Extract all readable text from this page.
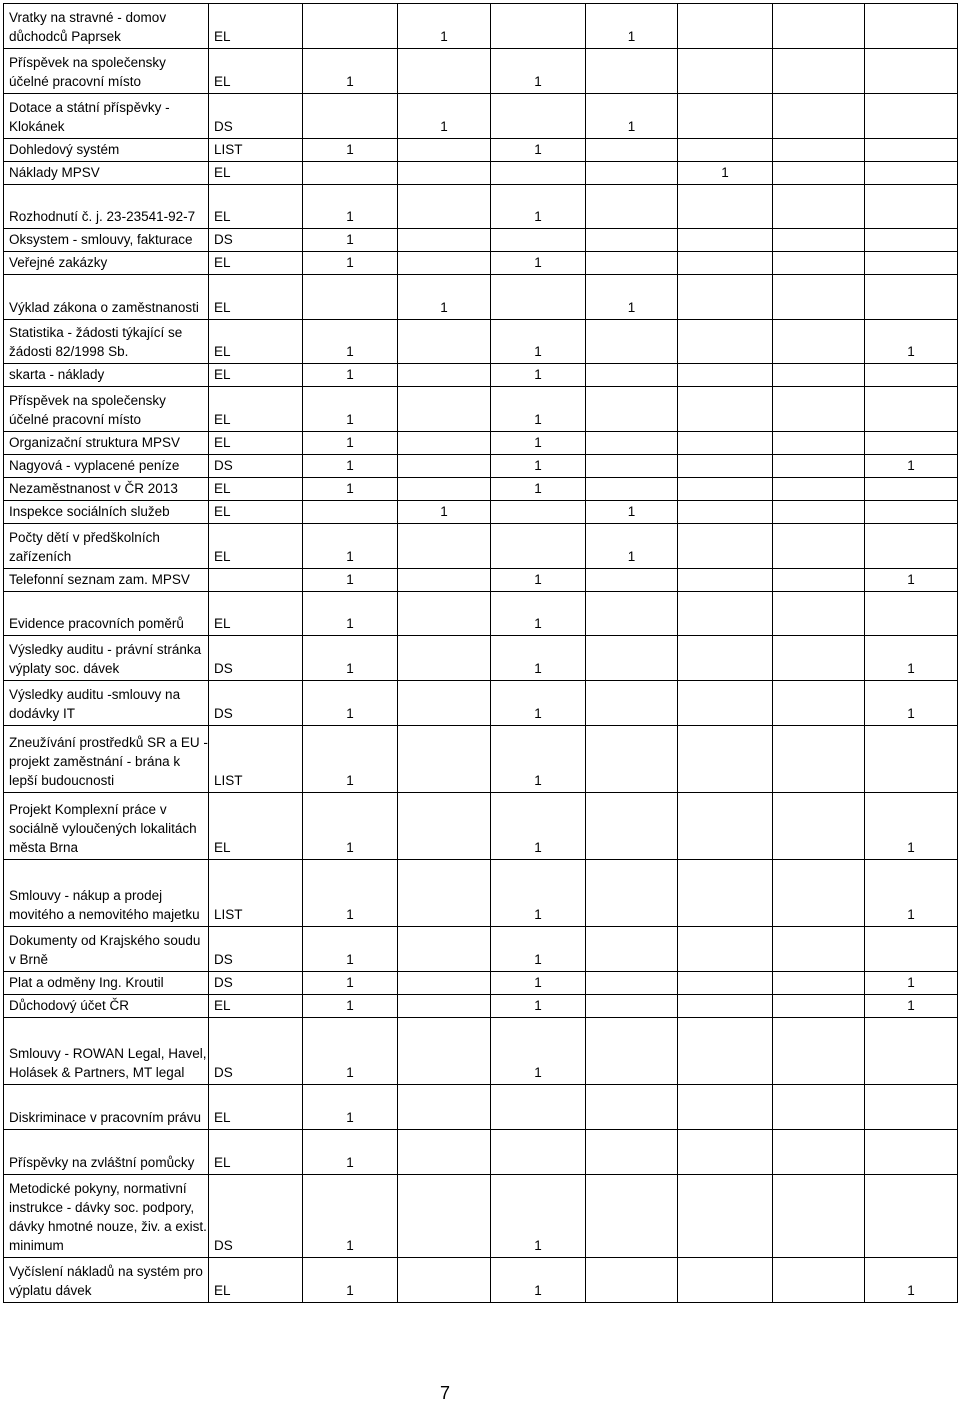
Vratky na stravné - domov důchodců Paprsek	EL		1		1			
Příspěvek na společensky účelné pracovní místo	EL	1		1				
Dotace a státní příspěvky - Klokánek	DS		1		1			
Dohledový systém	LIST	1		1				
Náklady MPSV	EL					1		
Rozhodnutí č. j. 23-23541-92-7	EL	1		1				
Oksystem - smlouvy, fakturace	DS	1						
Veřejné zakázky	EL	1		1				
Výklad zákona o zaměstnanosti	EL		1		1			
Statistika - žádosti týkající se žádosti 82/1998 Sb.	EL	1		1				1
skarta - náklady	EL	1		1				
Příspěvek na společensky účelné pracovní místo	EL	1		1				
Organizační struktura MPSV	EL	1		1				
Nagyová - vyplacené peníze	DS	1		1				1
Nezaměstnanost v ČR 2013	EL	1		1				
Inspekce sociálních služeb	EL		1		1			
Počty dětí v předškolních zařízeních	EL	1			1			
Telefonní seznam zam. MPSV		1		1				1
Evidence pracovních poměrů	EL	1		1				
Výsledky auditu - právní stránka výplaty soc. dávek	DS	1		1				1
Výsledky auditu -smlouvy na dodávky IT	DS	1		1				1
Zneužívání prostředků SR a EU - projekt zaměstnání - brána k lepší budoucnosti	LIST	1		1				
Projekt Komplexní práce v sociálně vyloučených lokalitách města Brna	EL	1		1				1
Smlouvy - nákup a prodej movitého a nemovitého majetku	LIST	1		1				1
Dokumenty od Krajského soudu v Brně	DS	1		1				
Plat a odměny Ing. Kroutil	DS	1		1				1
Důchodový účet ČR	EL	1		1				1
Smlouvy - ROWAN Legal, Havel, Holásek & Partners, MT legal	DS	1		1				
Diskriminace v pracovním právu	EL	1						
Příspěvky na zvláštní pomůcky	EL	1						
Metodické pokyny, normativní instrukce - dávky soc. podpory, dávky hmotné nouze, živ. a exist. minimum	DS	1		1				
Vyčíslení nákladů na systém pro výplatu dávek	EL	1		1				1
7
